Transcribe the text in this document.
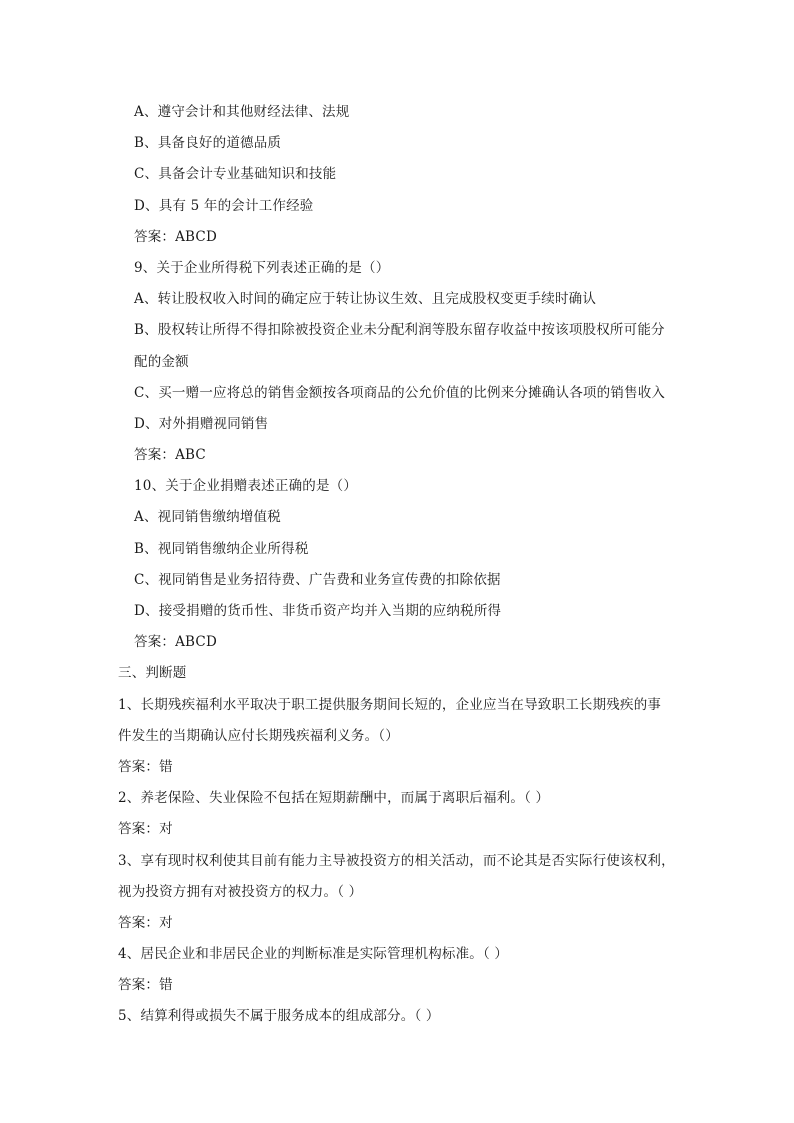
A、遵守会计和其他财经法律、法规
B、具备良好的道德品质
C、具备会计专业基础知识和技能
D、具有 5 年的会计工作经验
答案：ABCD
9、关于企业所得税下列表述正确的是（）
A、转让股权收入时间的确定应于转让协议生效、且完成股权变更手续时确认
B、股权转让所得不得扣除被投资企业未分配利润等股东留存收益中按该项股权所可能分
配的金额
C、买一赠一应将总的销售金额按各项商品的公允价值的比例来分摊确认各项的销售收入
D、对外捐赠视同销售
答案：ABC
10、关于企业捐赠表述正确的是（）
A、视同销售缴纳增值税
B、视同销售缴纳企业所得税
C、视同销售是业务招待费、广告费和业务宣传费的扣除依据
D、接受捐赠的货币性、非货币资产均并入当期的应纳税所得
答案：ABCD
三、判断题
1、长期残疾福利水平取决于职工提供服务期间长短的，企业应当在导致职工长期残疾的事
件发生的当期确认应付长期残疾福利义务。（）
答案：错
2、养老保险、失业保险不包括在短期薪酬中，而属于离职后福利。（ ）
答案：对
3、享有现时权利使其目前有能力主导被投资方的相关活动，而不论其是否实际行使该权利，
视为投资方拥有对被投资方的权力。（ ）
答案：对
4、居民企业和非居民企业的判断标准是实际管理机构标准。（ ）
答案：错
5、结算利得或损失不属于服务成本的组成部分。（ ）
